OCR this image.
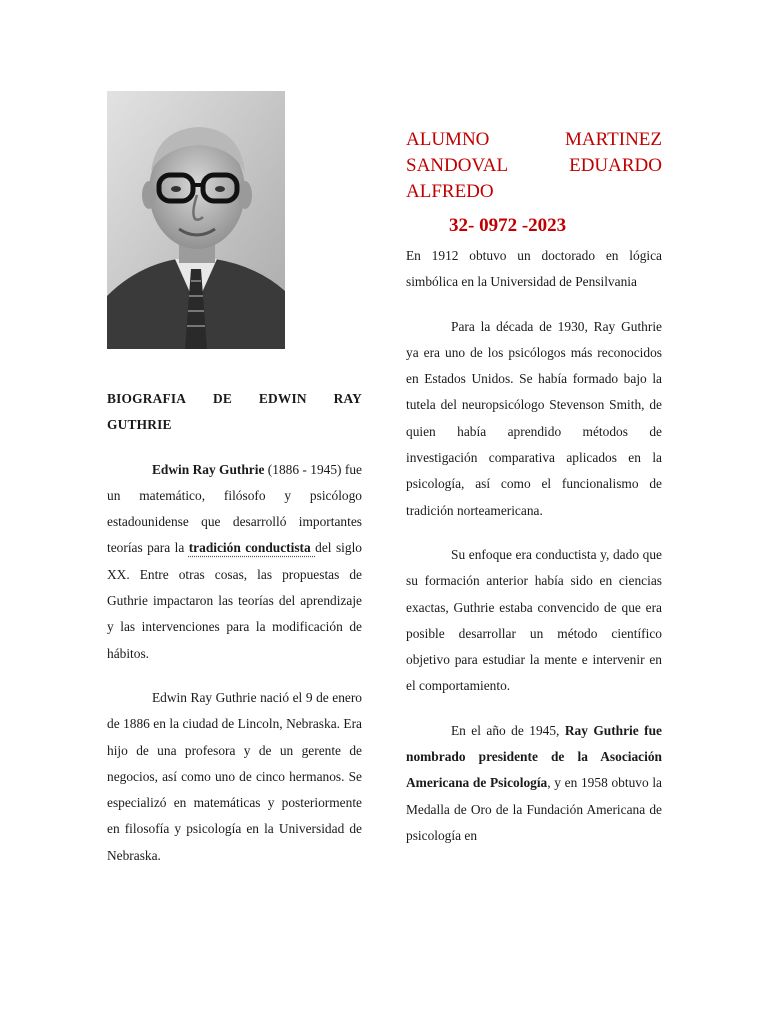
BIOGRAFIA DE EDWIN RAY
GUTHRIE

Edwin Ray Guthrie (1886 - 1945) fue un matemático, filósofo y psicólogo estadounidense que desarrolló importantes teorías para la tradición conductista del siglo XX. Entre otras cosas, las propuestas de Guthrie impactaron las teorías del aprendizaje y las intervenciones para la modificación de hábitos.

Edwin Ray Guthrie nació el 9 de enero de 1886 en la ciudad de Lincoln, Nebraska. Era hijo de una profesora y de un gerente de negocios, así como uno de cinco hermanos. Se especializó en matemáticas y posteriormente en filosofía y psicología en la Universidad de Nebraska.

ALUMNO	MARTINEZ
SANDOVAL	EDUARDO
ALFREDO
32- 0972 -2023

En 1912 obtuvo un doctorado en lógica simbólica en la Universidad de Pensilvania

Para la década de 1930, Ray Guthrie ya era uno de los psicólogos más reconocidos en Estados Unidos. Se había formado bajo la tutela del neuropsicólogo Stevenson Smith, de quien había aprendido métodos de investigación comparativa aplicados en la psicología, así como el funcionalismo de tradición norteamericana.

Su enfoque era conductista y, dado que su formación anterior había sido en ciencias exactas, Guthrie estaba convencido de que era posible desarrollar un método científico objetivo para estudiar la mente e intervenir en el comportamiento.

En el año de 1945, Ray Guthrie fue nombrado presidente de la Asociación Americana de Psicología, y en 1958 obtuvo la Medalla de Oro de la Fundación Americana de psicología en
